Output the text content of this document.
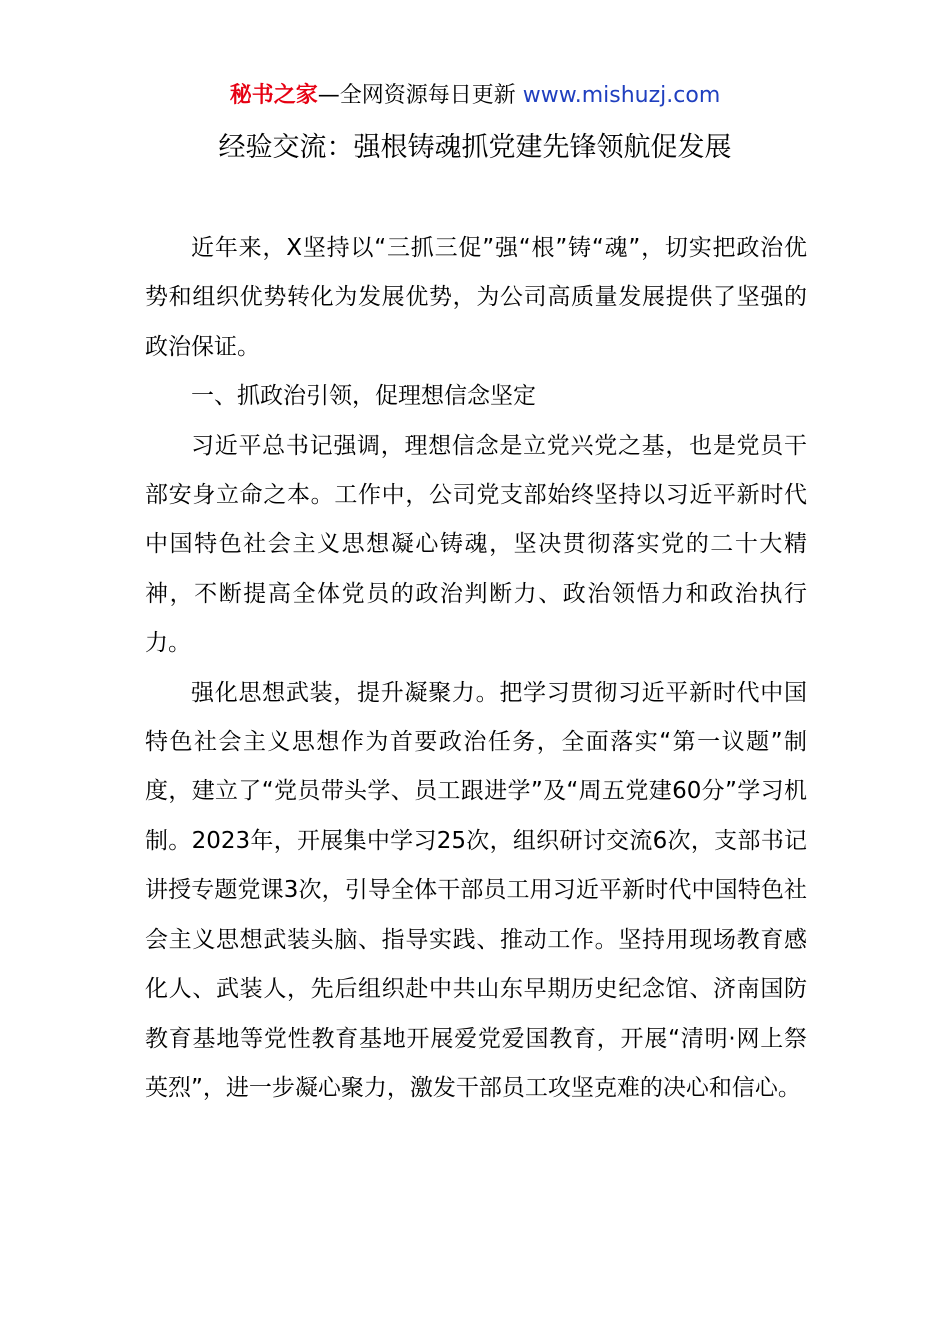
秘书之家—全网资源每日更新 www.mishuzj.com
经验交流：强根铸魂抓党建先锋领航促发展

近年来，X坚持以“三抓三促”强“根”铸“魂”，切实把政治优势和组织优势转化为发展优势，为公司高质量发展提供了坚强的政治保证。

一、抓政治引领，促理想信念坚定

习近平总书记强调，理想信念是立党兴党之基，也是党员干部安身立命之本。工作中，公司党支部始终坚持以习近平新时代中国特色社会主义思想凝心铸魂，坚决贯彻落实党的二十大精神，不断提高全体党员的政治判断力、政治领悟力和政治执行力。

强化思想武装，提升凝聚力。把学习贯彻习近平新时代中国特色社会主义思想作为首要政治任务，全面落实“第一议题”制度，建立了“党员带头学、员工跟进学”及“周五党建60分”学习机制。2023年，开展集中学习25次，组织研讨交流6次，支部书记讲授专题党课3次，引导全体干部员工用习近平新时代中国特色社会主义思想武装头脑、指导实践、推动工作。坚持用现场教育感化人、武装人，先后组织赴中共山东早期历史纪念馆、济南国防教育基地等党性教育基地开展爱党爱国教育，开展“清明·网上祭英烈”，进一步凝心聚力，激发干部员工攻坚克难的决心和信心。
